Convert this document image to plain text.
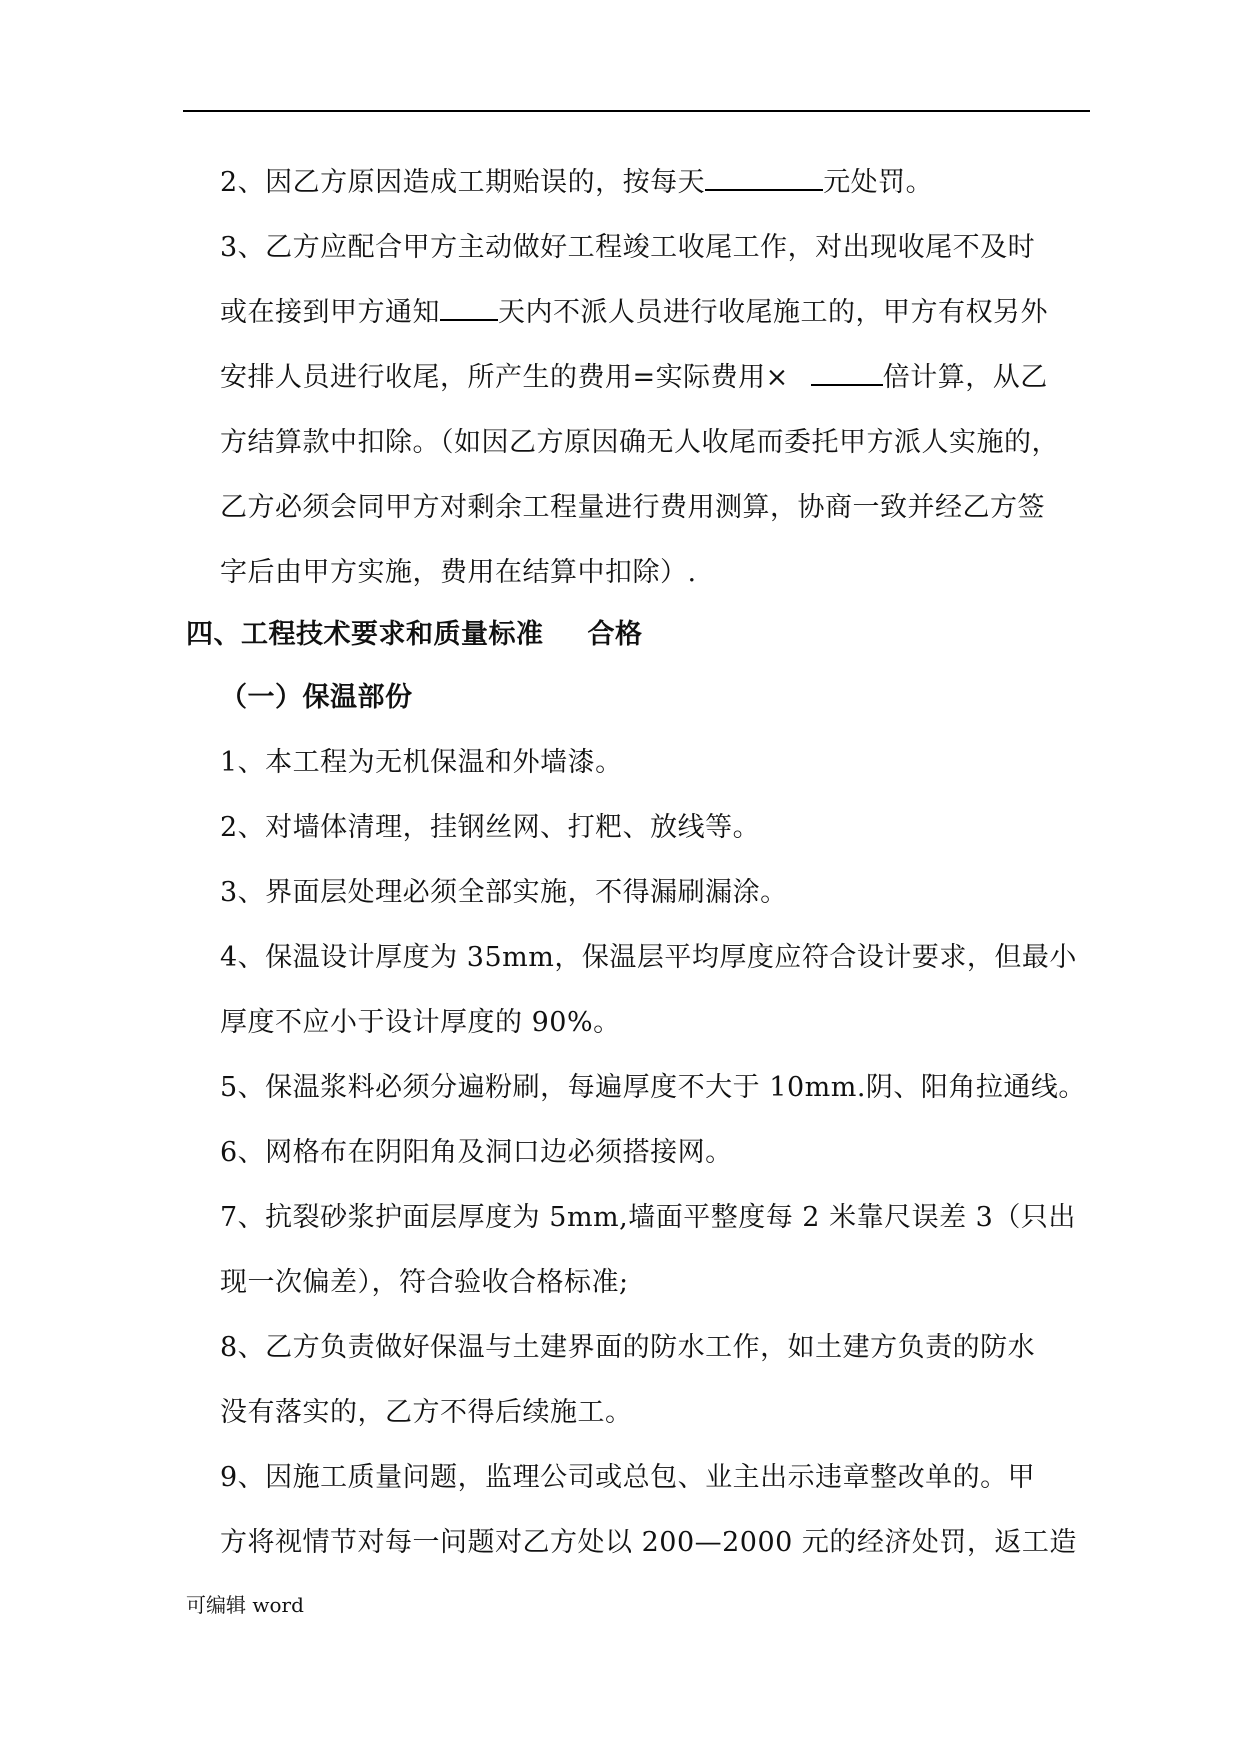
2、因乙方原因造成工期贻误的，按每天	元处罚。
3、乙方应配合甲方主动做好工程竣工收尾工作，对出现收尾不及时
或在接到甲方通知 天内不派人员进行收尾施工的，甲方有权另外
安排人员进行收尾，所产生的费用=实际费用×	倍计算，从乙
方结算款中扣除。（如因乙方原因确无人收尾而委托甲方派人实施的，
乙方必须会同甲方对剩余工程量进行费用测算，协商一致并经乙方签
字后由甲方实施，费用在结算中扣除）.
四、工程技术要求和质量标准 合格
（一）保温部份
1、本工程为无机保温和外墙漆。
2、对墙体清理，挂钢丝网、打粑、放线等。
3、界面层处理必须全部实施，不得漏刷漏涂。
4、保温设计厚度为 35mm，保温层平均厚度应符合设计要求，但最小
厚度不应小于设计厚度的 90%。
5、保温浆料必须分遍粉刷，每遍厚度不大于 10mm.阴、阳角拉通线。
6、网格布在阴阳角及洞口边必须搭接网。
7、抗裂砂浆护面层厚度为 5mm,墙面平整度每 2 米靠尺误差 3（只出
现一次偏差），符合验收合格标准;
8、乙方负责做好保温与土建界面的防水工作，如土建方负责的防水
没有落实的，乙方不得后续施工。
9、因施工质量问题，监理公司或总包、业主出示违章整改单的。甲
方将视情节对每一问题对乙方处以 200—2000 元的经济处罚，返工造
可编辑 word
